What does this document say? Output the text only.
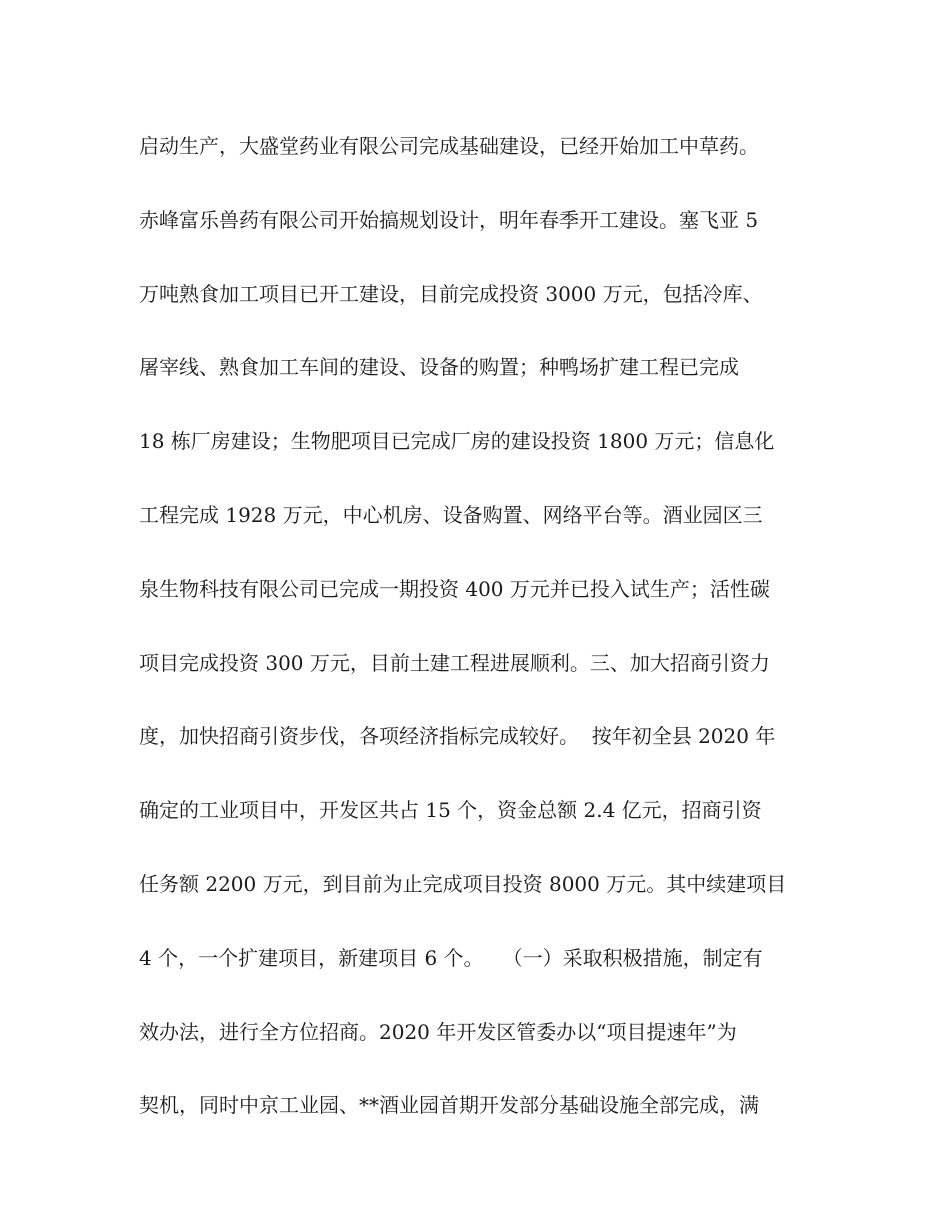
启动生产，大盛堂药业有限公司完成基础建设，已经开始加工中草药。
赤峰富乐兽药有限公司开始搞规划设计，明年春季开工建设。塞飞亚 5
万吨熟食加工项目已开工建设，目前完成投资 3000 万元，包括冷库、
屠宰线、熟食加工车间的建设、设备的购置；种鸭场扩建工程已完成
18 栋厂房建设；生物肥项目已完成厂房的建设投资 1800 万元；信息化
工程完成 1928 万元，中心机房、设备购置、网络平台等。酒业园区三
泉生物科技有限公司已完成一期投资 400 万元并已投入试生产；活性碳
项目完成投资 300 万元，目前土建工程进展顺利。三、加大招商引资力
度，加快招商引资步伐，各项经济指标完成较好。  按年初全县 2020 年
确定的工业项目中，开发区共占 15 个，资金总额 2.4 亿元，招商引资
任务额 2200 万元，到目前为止完成项目投资 8000 万元。其中续建项目
4 个，一个扩建项目，新建项目 6 个。   （一）采取积极措施，制定有
效办法，进行全方位招商。2020 年开发区管委办以“项目提速年”为
契机，同时中京工业园、**酒业园首期开发部分基础设施全部完成，满
